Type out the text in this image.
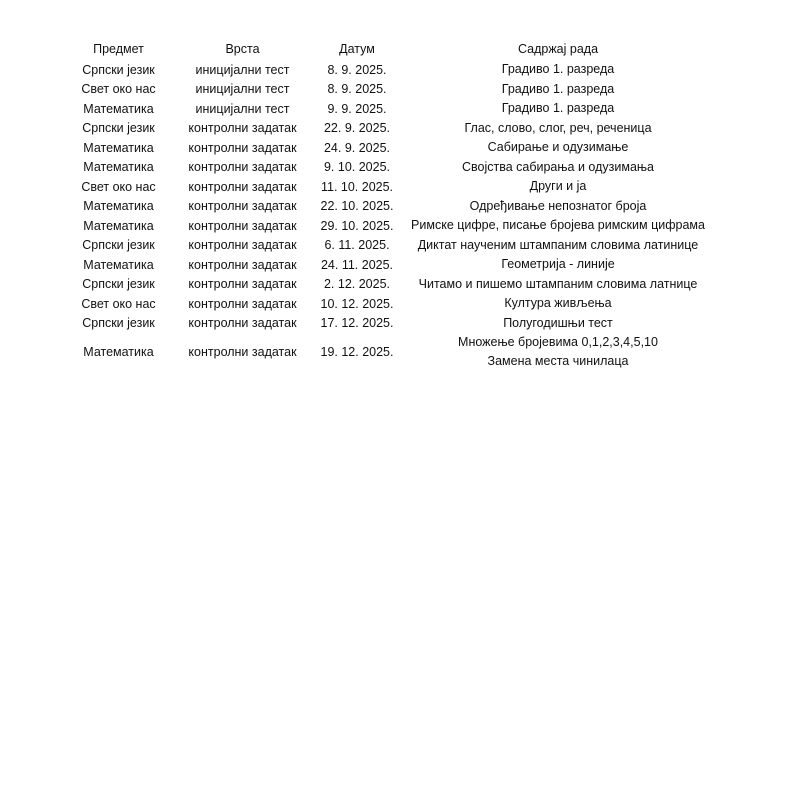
Предмет	Врста	Датум	Садржај рада
Српски језик	иницијални тест	8. 9. 2025.	Градиво 1. разреда

Свет око нас	иницијални тест	8. 9. 2025.	Градиво 1. разреда

Математика	иницијални тест	9. 9. 2025.	Градиво 1. разреда

Српски језик	контролни задатак	22. 9. 2025.	Глас, слово, слог, реч, реченица

Математика	контролни задатак	24. 9. 2025.	Сабирање и одузимање

Математика	контролни задатак	9. 10. 2025.	Својства сабирања и одузимања

Свет око нас	контролни задатак	11. 10. 2025.	Други и ја

Математика	контролни задатак	22. 10. 2025.	Одређивање непознатог броја

Математика	контролни задатак	29. 10. 2025.	Римске цифре, писање бројева римским цифрама

Српски језик	контролни задатак	6. 11. 2025.	Диктат наученим штампаним словима латинице

Математика	контролни задатак	24. 11. 2025.	Геометрија - линије

Српски језик	контролни задатак	2. 12. 2025.	Читамо и пишемо штампаним словима латнице

Свет око нас	контролни задатак	10. 12. 2025.	Култура живљења

Српски језик	контролни задатак	17. 12. 2025.	Полугодишњи тест

Математика	контролни задатак	19. 12. 2025.	Множење бројевима 0,1,2,3,4,5,10
Замена места чинилаца
